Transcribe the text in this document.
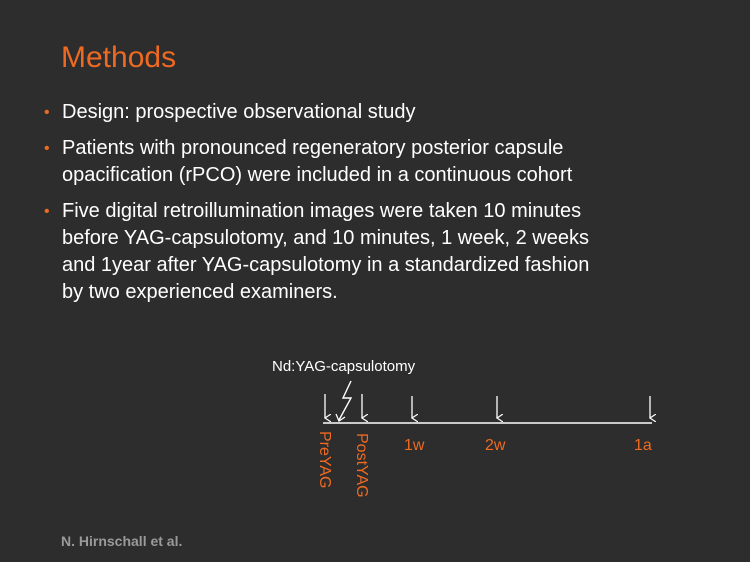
Methods
• Design: prospective observational study
• Patients with pronounced regeneratory posterior capsule
opacification (rPCO) were included in a continuous cohort
• Five digital retroillumination images were taken 10 minutes
before YAG-capsulotomy, and 10 minutes, 1 week, 2 weeks
and 1year after YAG-capsulotomy in a standardized fashion
by two experienced examiners.
Nd:YAG-capsulotomy
PreYAG PostYAG 1w	2w	1a
N. Hirnschall et al.
